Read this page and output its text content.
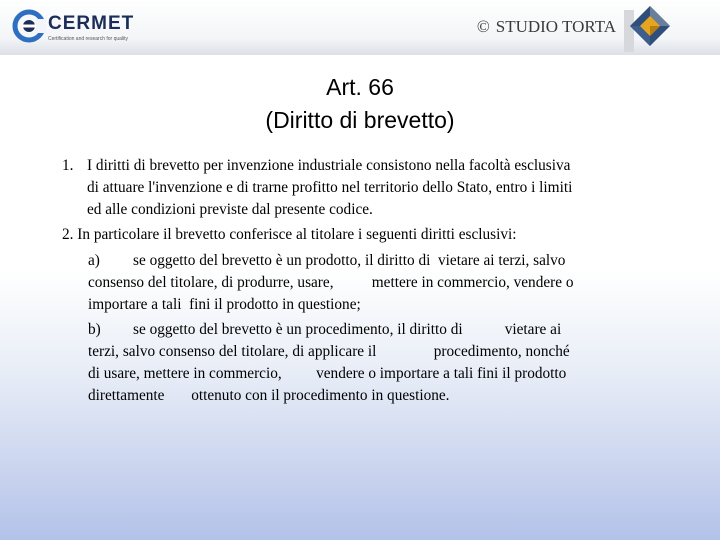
CERMET
Certification and research for quality
© STUDIO TORTA
Art. 66
(Diritto di brevetto)
1. I diritti di brevetto per invenzione industriale consistono nella facoltà esclusiva
di attuare l'invenzione e di trarne profitto nel territorio dello Stato, entro i limiti
ed alle condizioni previste dal presente codice.
2. In particolare il brevetto conferisce al titolare i seguenti diritti esclusivi:
a) se oggetto del brevetto è un prodotto, il diritto di  vietare ai terzi, salvo
consenso del titolare, di produrre, usare,          mettere in commercio, vendere o
importare a tali  fini il prodotto in questione;
b) se oggetto del brevetto è un procedimento, il diritto di           vietare ai
terzi, salvo consenso del titolare, di applicare il               procedimento, nonché
di usare, mettere in commercio,         vendere o importare a tali fini il prodotto
direttamente       ottenuto con il procedimento in questione.
